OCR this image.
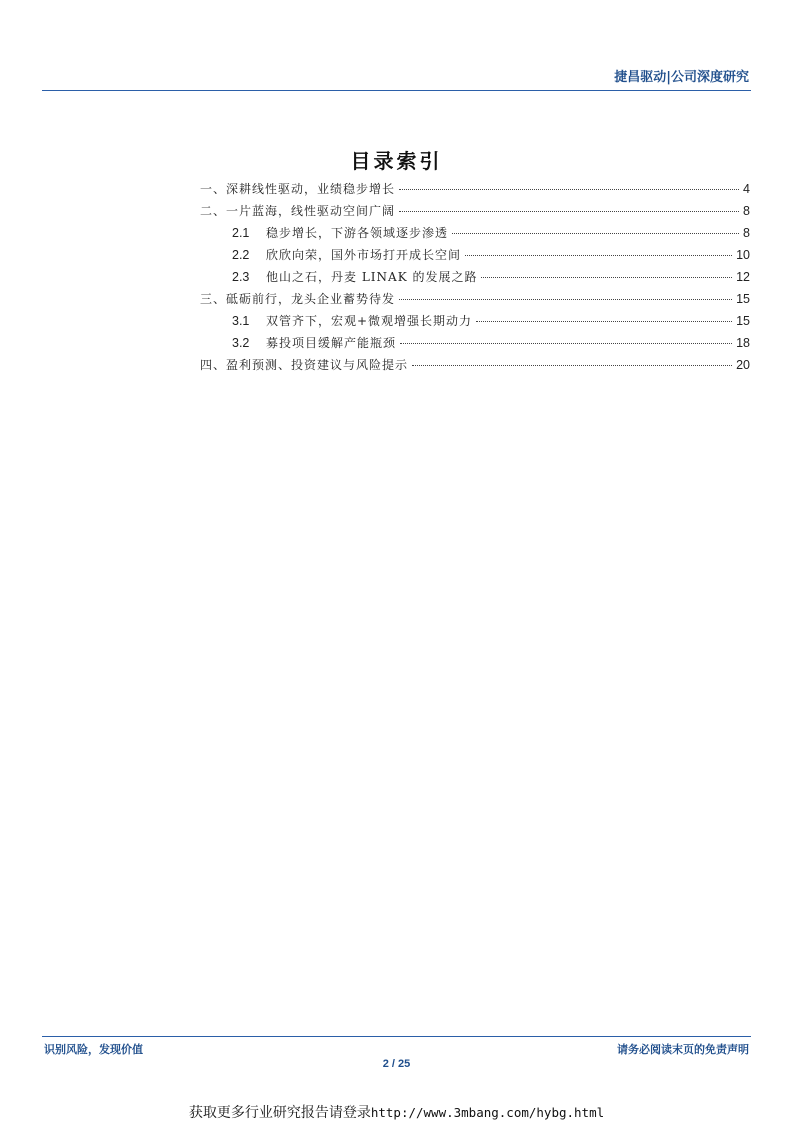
捷昌驱动|公司深度研究
目录索引
一、深耕线性驱动，业绩稳步增长	4
二、一片蓝海，线性驱动空间广阔	8
2.1	稳步增长，下游各领域逐步渗透	8
2.2	欣欣向荣，国外市场打开成长空间	10
2.3	他山之石，丹麦 LINAK 的发展之路	12
三、砥砺前行，龙头企业蓄势待发	15
3.1	双管齐下，宏观+微观增强长期动力	15
3.2	募投项目缓解产能瓶颈	18
四、盈利预测、投资建议与风险提示	20
识别风险，发现价值	请务必阅读末页的免责声明
2 / 25
获取更多行业研究报告请登录http://www.3mbang.com/hybg.html
